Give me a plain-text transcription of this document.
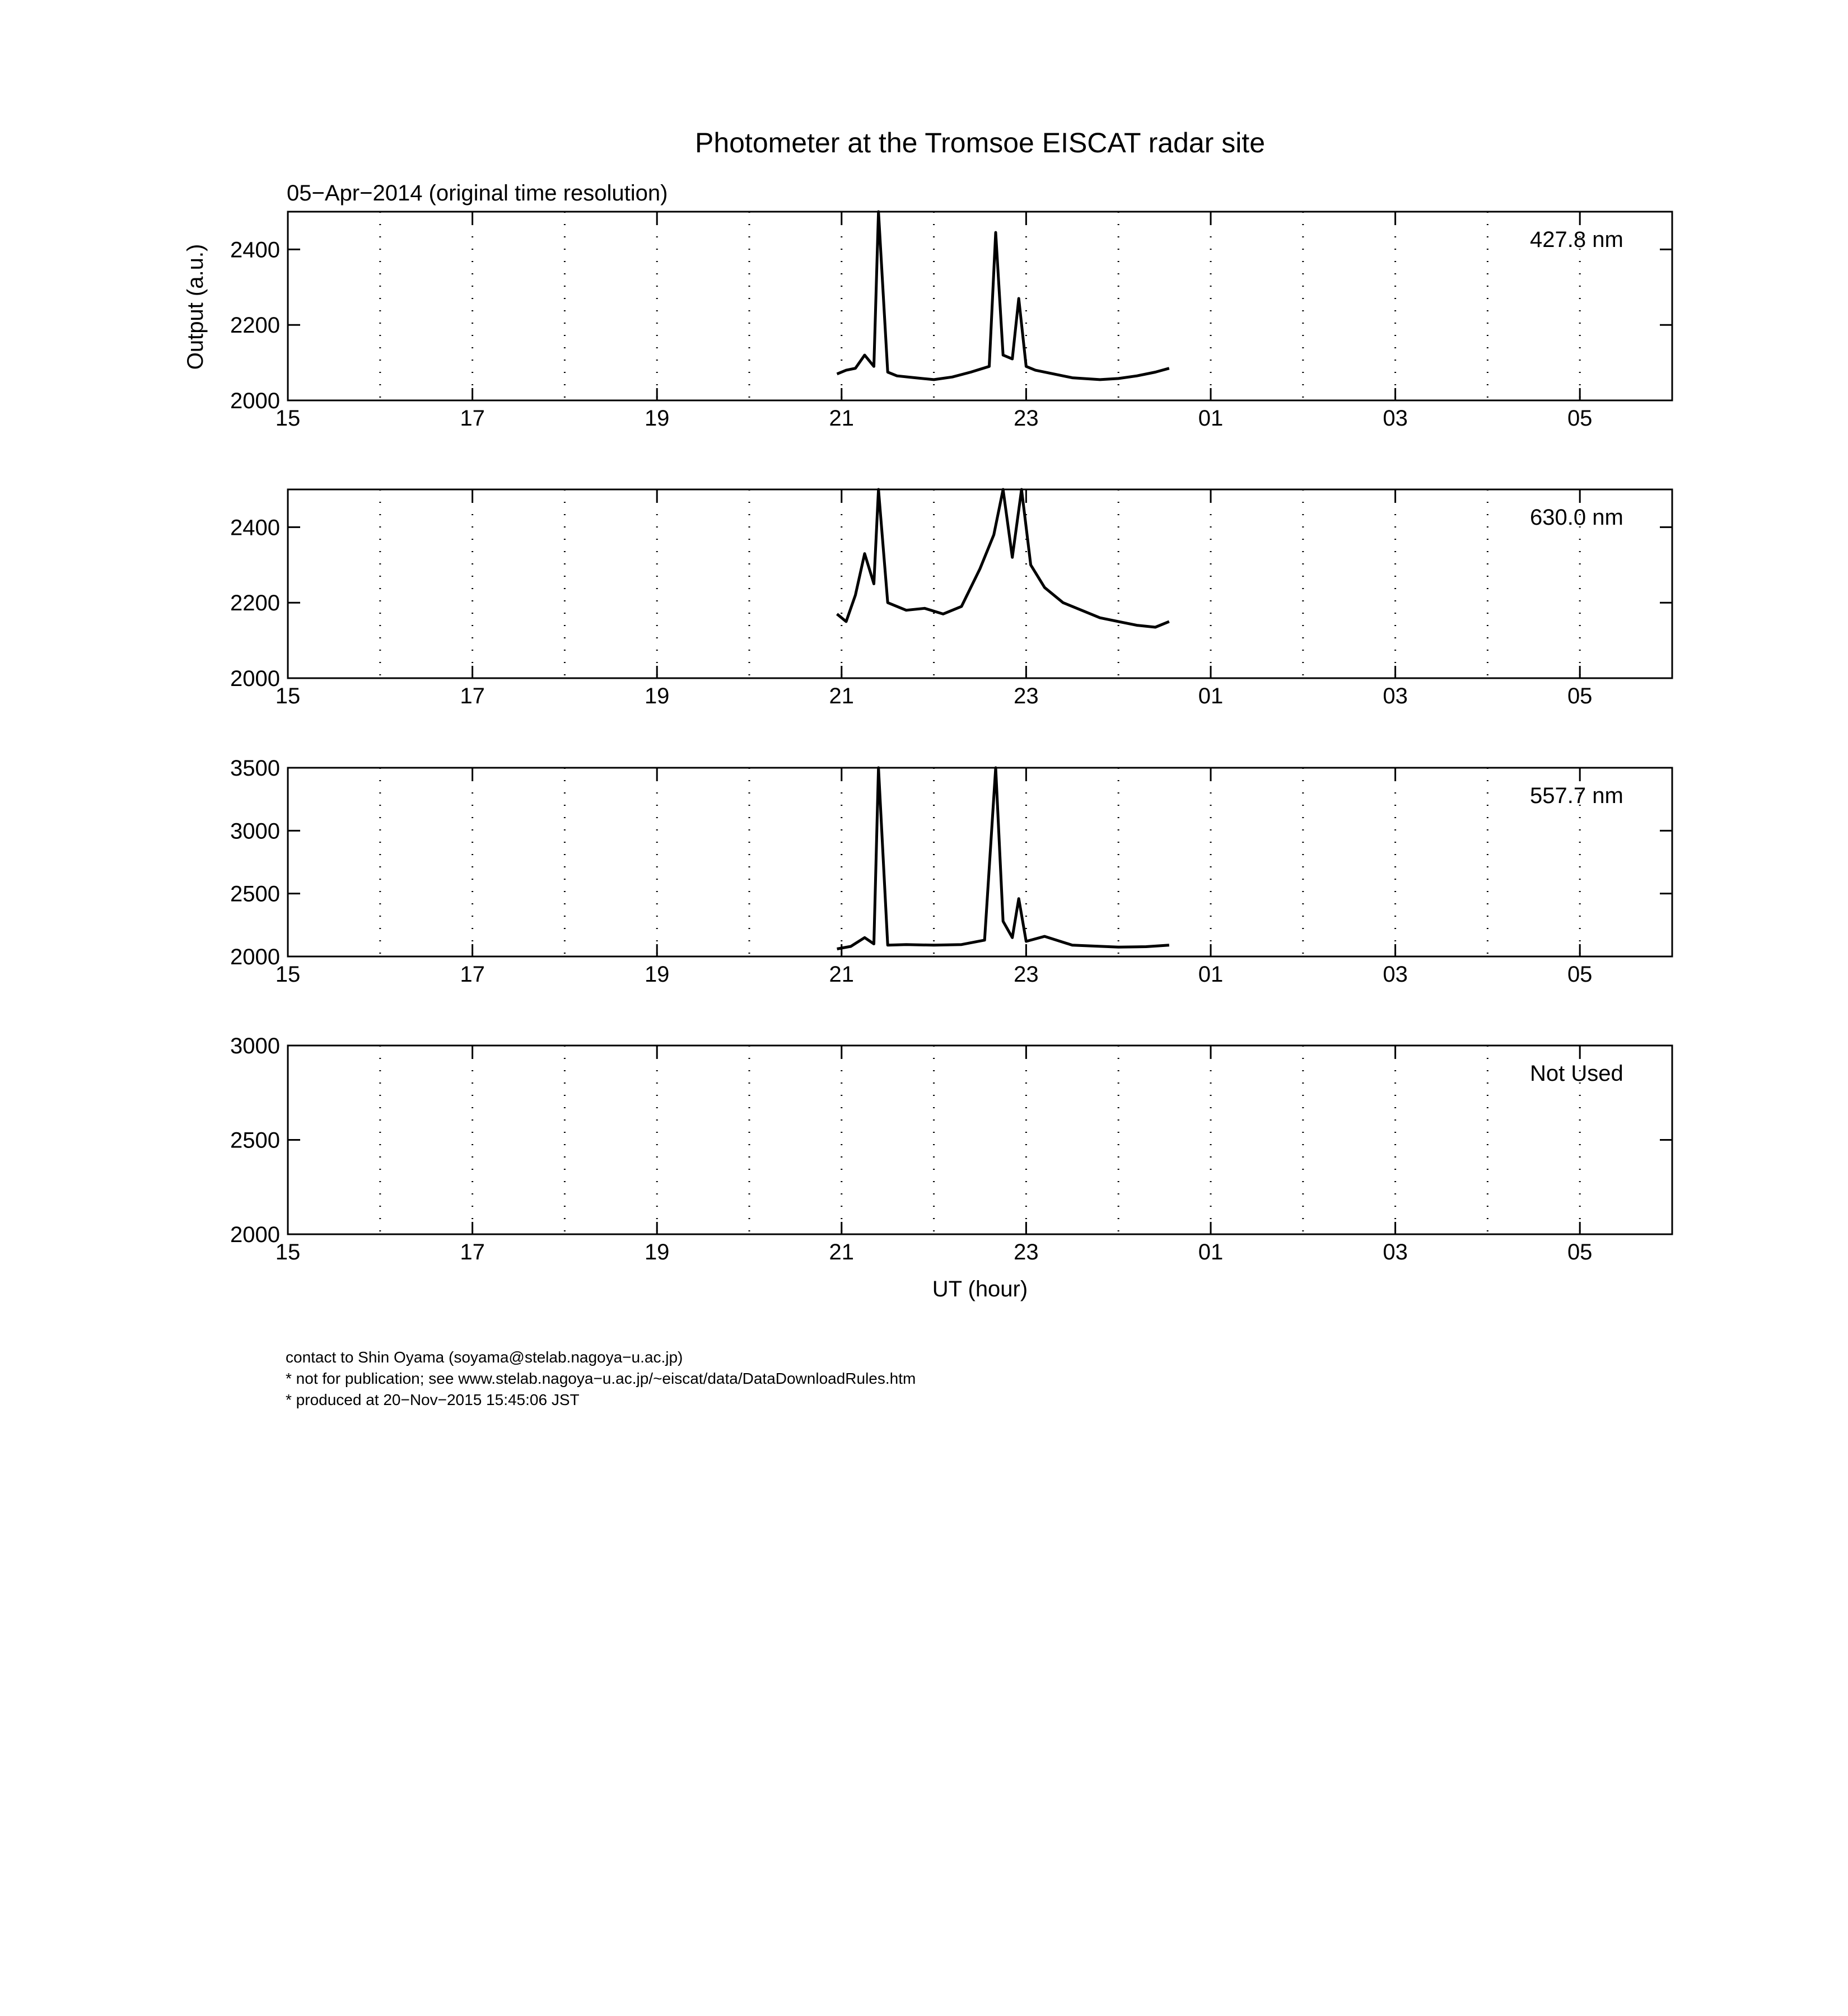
Photometer at the Tromsoe EISCAT radar site
05−Apr−2014 (original time resolution)
Output (a.u.)
UT (hour)
15	17	19	21	23	01	03	05
2000
2200
2400	427.8 nm
15	17	19	21	23	01	03	05
2000
2200
2400	630.0 nm
15	17	19	21	23	01	03	05
2000
2500
3000
3500
557.7 nm
15	17	19	21	23	01	03	05
2000
2500
3000
Not Used
contact to Shin Oyama (soyama@stelab.nagoya−u.ac.jp)
* not for publication; see www.stelab.nagoya−u.ac.jp/~eiscat/data/DataDownloadRules.htm
* produced at 20−Nov−2015 15:45:06 JST
